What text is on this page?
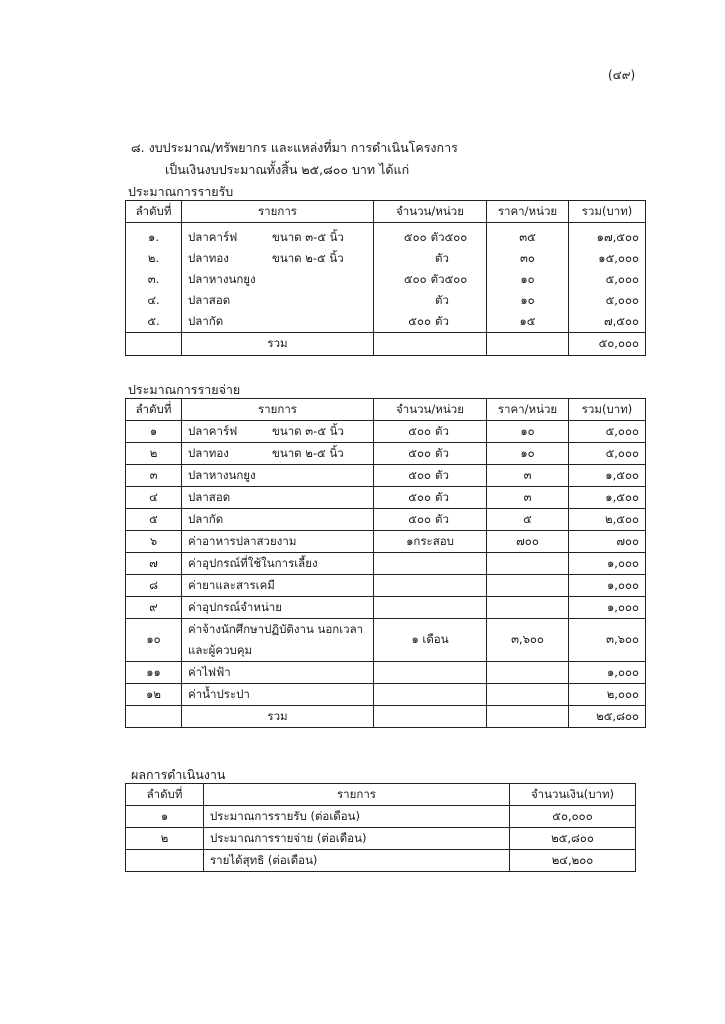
(๔๙)
๘. งบประมาณ/ทรัพยากร และแหล่งที่มา การดำเนินโครงการ
เป็นเงินงบประมาณทั้งสิ้น ๒๕,๘๐๐ บาท ได้แก่
ประมาณการรายรับ
ลำดับที่	รายการ	จำนวน/หน่วย	ราคา/หน่วย	รวม(บาท)
๑.	ปลาคาร์ฟ ขนาด ๓-๕ นิ้ว	๕๐๐ ตัว๕๐๐	๓๕	๑๗,๕๐๐
๒.	ปลาทอง ขนาด ๒-๕ นิ้ว	ตัว	๓๐	๑๕,๐๐๐
๓.	ปลาหางนกยูง	๕๐๐ ตัว๕๐๐	๑๐	๕,๐๐๐
๔.	ปลาสอด	ตัว	๑๐	๕,๐๐๐
๕.	ปลากัด	๕๐๐ ตัว	๑๕	๗,๕๐๐
	รวม			๕๐,๐๐๐
ประมาณการรายจ่าย
ลำดับที่	รายการ	จำนวน/หน่วย	ราคา/หน่วย	รวม(บาท)
๑	ปลาคาร์ฟ ขนาด ๓-๕ นิ้ว	๕๐๐ ตัว	๑๐	๕,๐๐๐
๒	ปลาทอง ขนาด ๒-๕ นิ้ว	๕๐๐ ตัว	๑๐	๕,๐๐๐
๓	ปลาหางนกยูง	๕๐๐ ตัว	๓	๑,๕๐๐
๔	ปลาสอด	๕๐๐ ตัว	๓	๑,๕๐๐
๕	ปลากัด	๕๐๐ ตัว	๕	๒,๕๐๐
๖	ค่าอาหารปลาสวยงาม	๑กระสอบ	๗๐๐	๗๐๐
๗	ค่าอุปกรณ์ที่ใช้ในการเลี้ยง			๑,๐๐๐
๘	ค่ายาและสารเคมี			๑,๐๐๐
๙	ค่าอุปกรณ์จำหน่าย			๑,๐๐๐
๑๐	ค่าจ้างนักศึกษาปฏิบัติงาน นอกเวลาและผู้ควบคุม	๑ เดือน	๓,๖๐๐	๓,๖๐๐
๑๑	ค่าไฟฟ้า			๑,๐๐๐
๑๒	ค่าน้ำประปา			๒,๐๐๐
	รวม			๒๕,๘๐๐
ผลการดำเนินงาน
ลำดับที่	รายการ	จำนวนเงิน(บาท)
๑	ประมาณการรายรับ (ต่อเดือน)	๕๐,๐๐๐
๒	ประมาณการรายจ่าย (ต่อเดือน)	๒๕,๘๐๐
	รายได้สุทธิ (ต่อเดือน)	๒๔,๒๐๐
